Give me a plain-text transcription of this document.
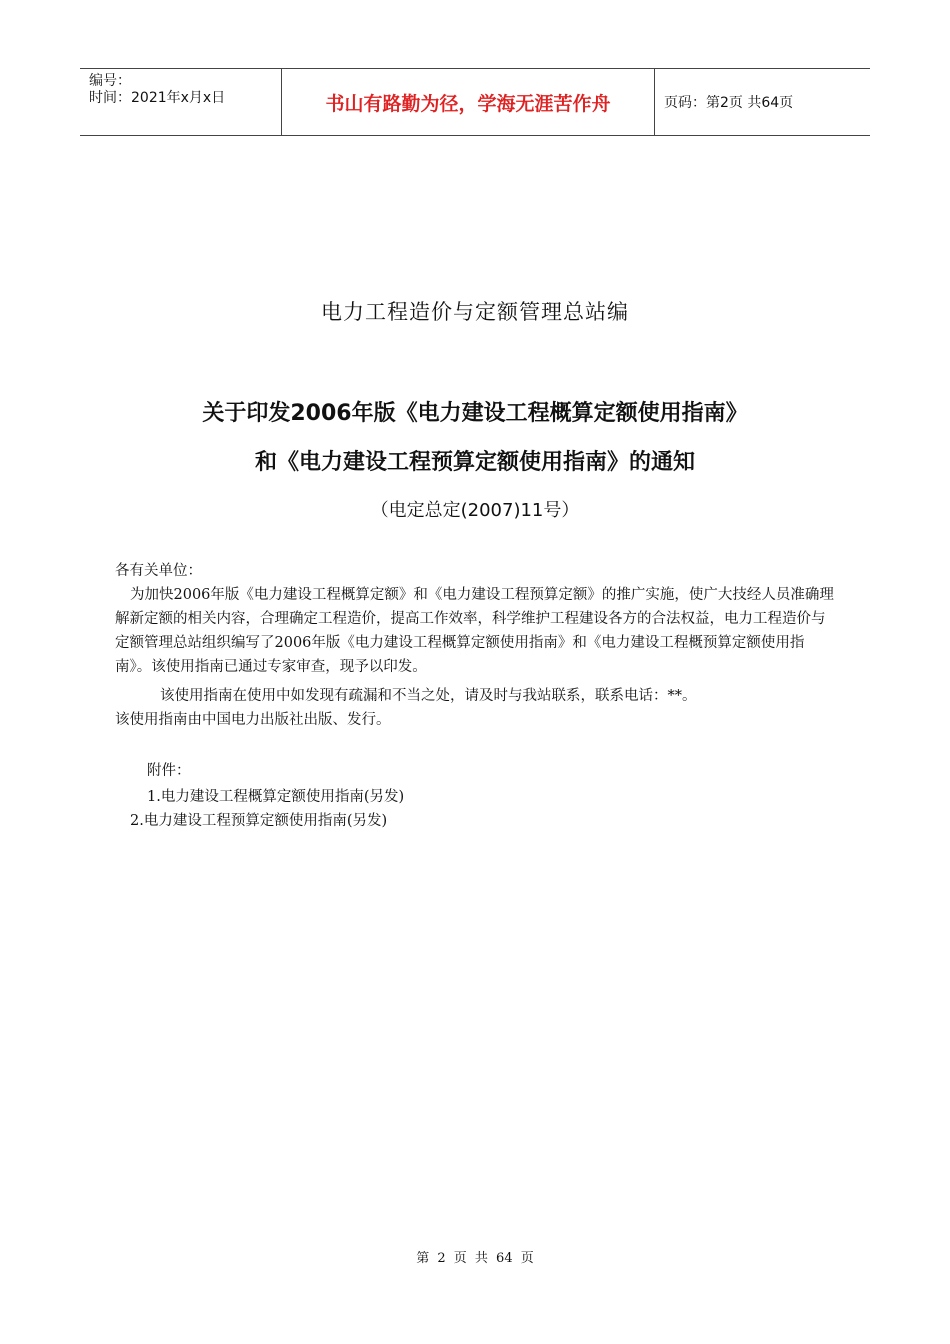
编号：
时间：2021年x月x日	书山有路勤为径，学海无涯苦作舟	页码：第2页 共64页
电力工程造价与定额管理总站编
关于印发2006年版《电力建设工程概算定额使用指南》
和《电力建设工程预算定额使用指南》的通知
（电定总定(2007)11号）
各有关单位：
为加快2006年版《电力建设工程概算定额》和《电力建设工程预算定额》的推广实施，使广大技经人员准确理解新定额的相关内容，合理确定工程造价，提高工作效率，科学维护工程建设各方的合法权益，电力工程造价与定额管理总站组织编写了2006年版《电力建设工程概算定额使用指南》和《电力建设工程概预算定额使用指南》。该使用指南已通过专家审查，现予以印发。
该使用指南在使用中如发现有疏漏和不当之处，请及时与我站联系，联系电话：**。
该使用指南由中国电力出版社出版、发行。
附件：
1.电力建设工程概算定额使用指南(另发)
2.电力建设工程预算定额使用指南(另发)
第 2 页 共 64 页
